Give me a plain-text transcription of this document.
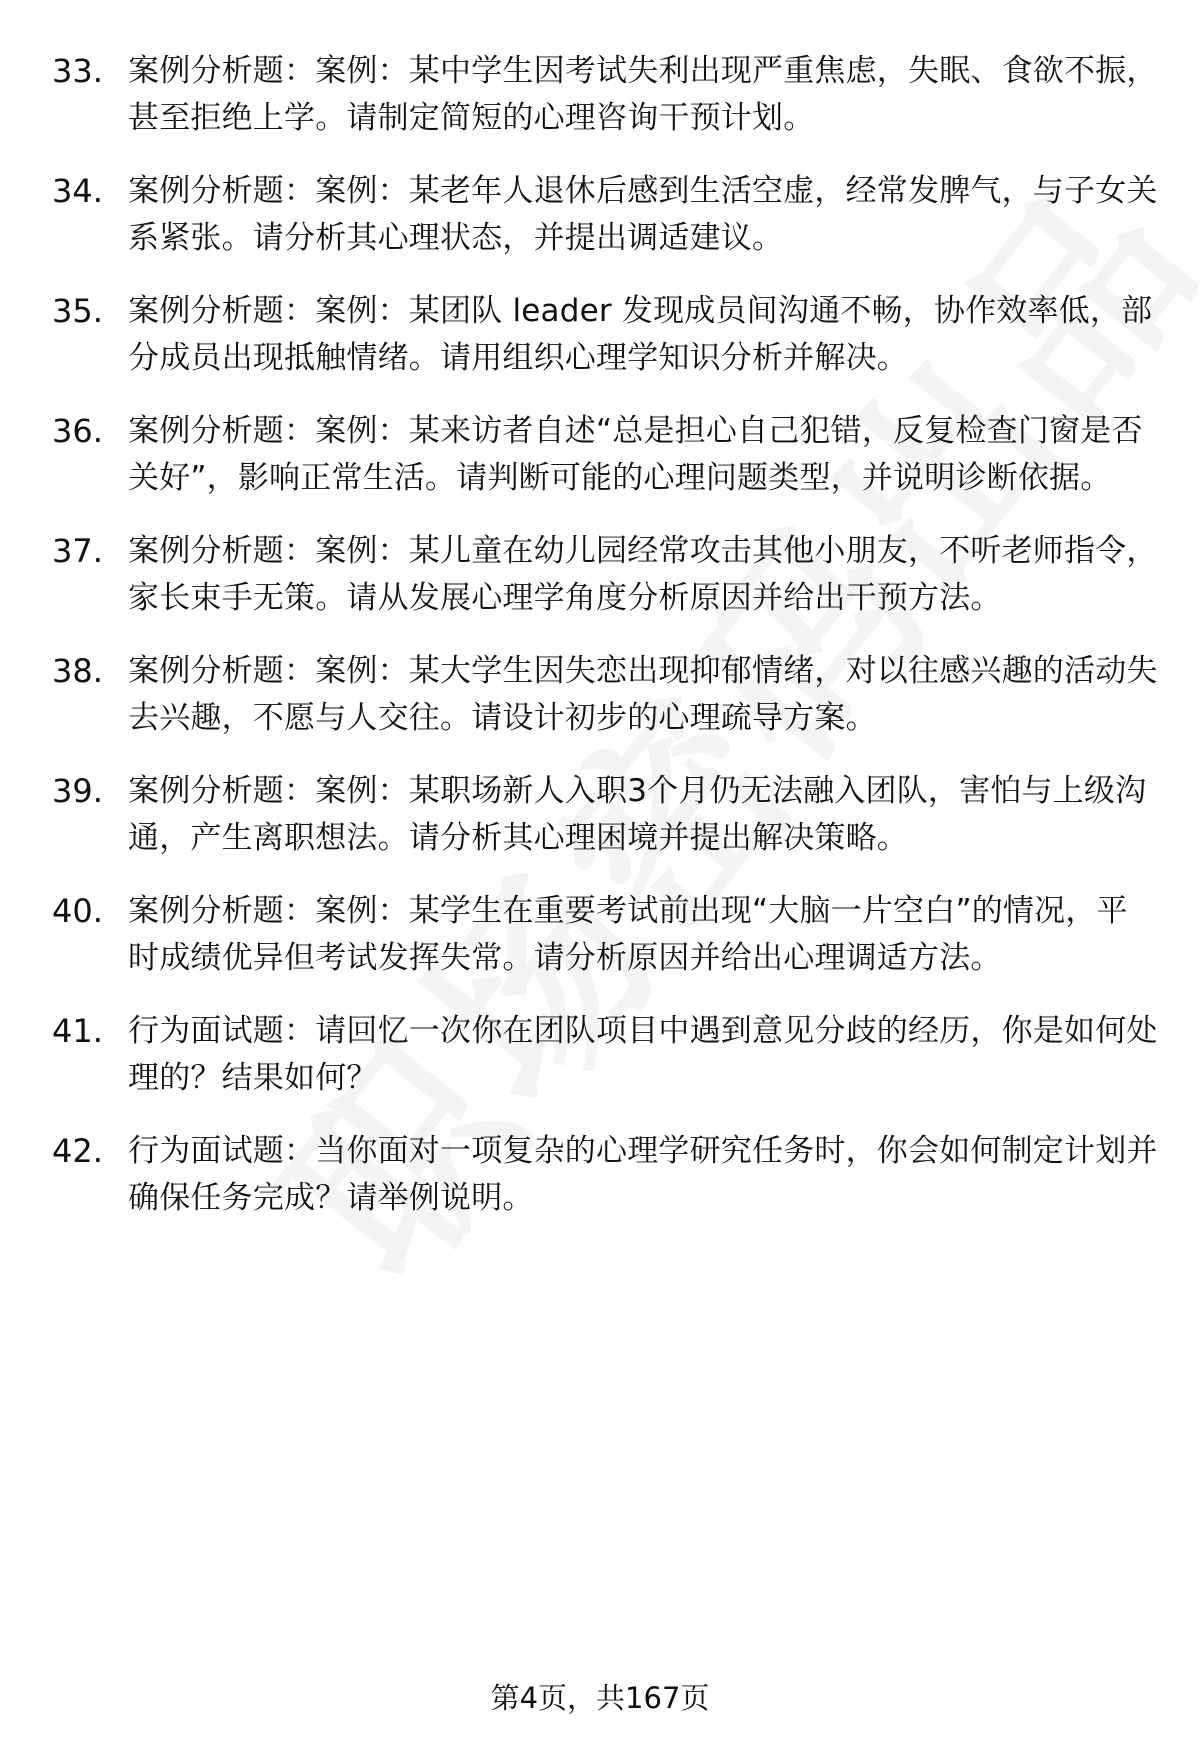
33. 案例分析题：案例：某中学生因考试失利出现严重焦虑，失眠、食欲不振，甚至拒绝上学。请制定简短的心理咨询干预计划。
34. 案例分析题：案例：某老年人退休后感到生活空虚，经常发脾气，与子女关系紧张。请分析其心理状态，并提出调适建议。
35. 案例分析题：案例：某团队 leader 发现成员间沟通不畅，协作效率低，部分成员出现抵触情绪。请用组织心理学知识分析并解决。
36. 案例分析题：案例：某来访者自述“总是担心自己犯错，反复检查门窗是否关好”，影响正常生活。请判断可能的心理问题类型，并说明诊断依据。
37. 案例分析题：案例：某儿童在幼儿园经常攻击其他小朋友，不听老师指令，家长束手无策。请从发展心理学角度分析原因并给出干预方法。
38. 案例分析题：案例：某大学生因失恋出现抑郁情绪，对以往感兴趣的活动失去兴趣，不愿与人交往。请设计初步的心理疏导方案。
39. 案例分析题：案例：某职场新人入职3个月仍无法融入团队，害怕与上级沟通，产生离职想法。请分析其心理困境并提出解决策略。
40. 案例分析题：案例：某学生在重要考试前出现“大脑一片空白”的情况，平时成绩优异但考试发挥失常。请分析原因并给出心理调适方法。
41. 行为面试题：请回忆一次你在团队项目中遇到意见分歧的经历，你是如何处理的？结果如何？
42. 行为面试题：当你面对一项复杂的心理学研究任务时，你会如何制定计划并确保任务完成？请举例说明。
第4页，共167页
